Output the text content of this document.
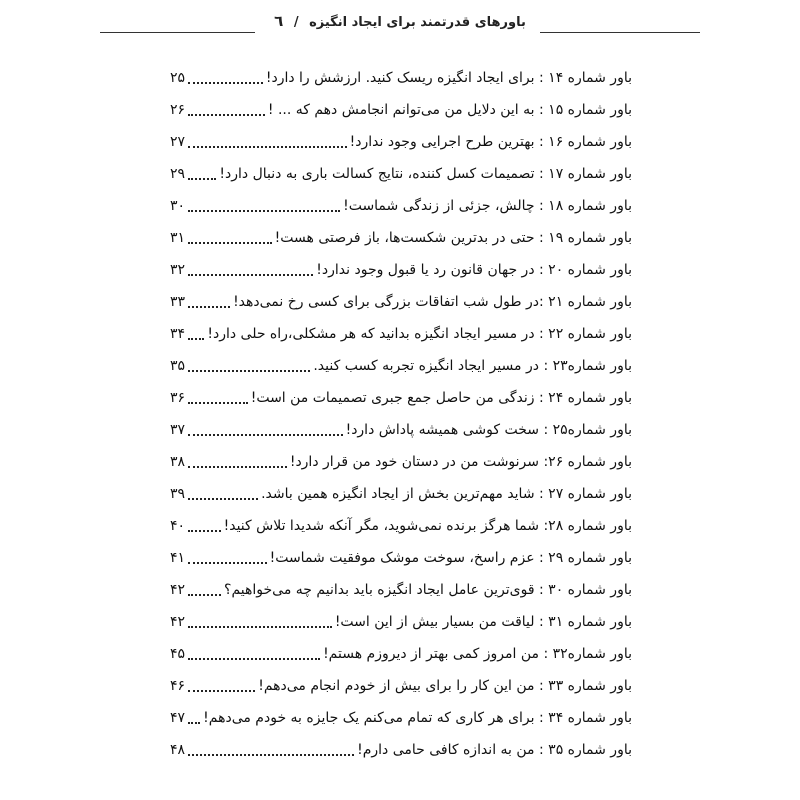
باورهای قدرتمند برای ایجاد انگیزه / ٦
باور شماره ۱۴ : برای ایجاد انگیزه ریسک کنید. ارزشش را دارد!
۲۵
باور شماره ۱۵ : به این دلایل من می‌توانم انجامش دهم که ... !
۲۶
باور شماره ۱۶ : بهترین طرح اجرایی وجود ندارد!
۲۷
باور شماره ۱۷ : تصمیمات کسل کننده، نتایج کسالت باری به دنبال دارد!
۲۹
باور شماره ۱۸ : چالش، جزئی از زندگی شماست!
۳۰
باور شماره ۱۹ : حتی در بدترین شکست‌ها، باز فرصتی هست!
۳۱
باور شماره ۲۰ : در جهان قانون رد یا قبول وجود ندارد!
۳۲
باور شماره ۲۱ :در طول شب اتفاقات بزرگی برای کسی رخ نمی‌دهد!
۳۳
باور شماره ۲۲ : در مسیر ایجاد انگیزه بدانید که هر مشکلی،راه حلی دارد!
۳۴
باور شماره۲۳ : در مسیر ایجاد انگیزه تجربه کسب کنید.
۳۵
باور شماره ۲۴ : زندگی من حاصل جمع جبری تصمیمات من است!
۳۶
باور شماره۲۵ : سخت کوشی همیشه پاداش دارد!
۳۷
باور شماره ۲۶: سرنوشت من در دستان خود من قرار دارد!
۳۸
باور شماره ۲۷ : شاید مهم‌ترین بخش از ایجاد انگیزه همین باشد.
۳۹
باور شماره ۲۸: شما هرگز برنده نمی‌شوید، مگر آنکه شدیدا تلاش کنید!
۴۰
باور شماره ۲۹ : عزم راسخ، سوخت موشک موفقیت شماست!
۴۱
باور شماره ۳۰ : قوی‌ترین عامل ایجاد انگیزه باید بدانیم چه می‌خواهیم؟
۴۲
باور شماره ۳۱ : لیاقت من بسیار بیش از این است!
۴۲
باور شماره۳۲ : من امروز کمی بهتر از دیروزم هستم!
۴۵
باور شماره ۳۳ : من این کار را برای بیش از خودم انجام می‌دهم!
۴۶
باور شماره ۳۴ : برای هر کاری که تمام می‌کنم یک جایزه به خودم می‌دهم!
۴۷
باور شماره ۳۵ : من به اندازه کافی حامی دارم!
۴۸
